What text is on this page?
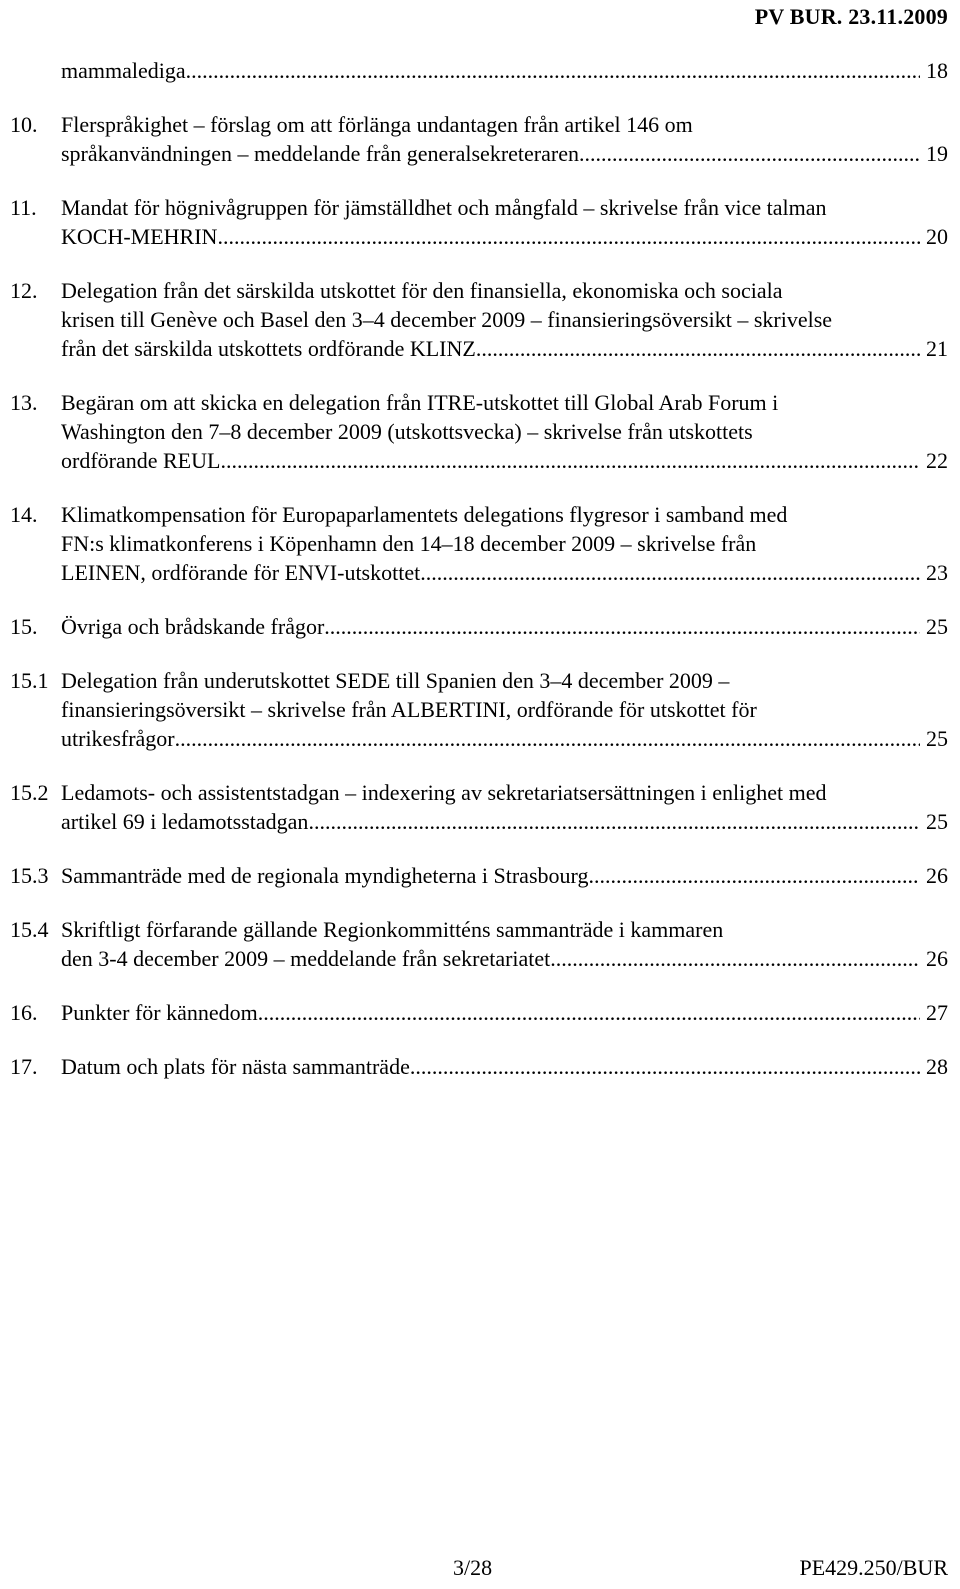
PV BUR. 23.11.2009
mammalediga .....	18
10.	Flerspråkighet – förslag om att förlänga undantagen från artikel 146 om
språkanvändningen – meddelande från generalsekreteraren .....	19
11.	Mandat för högnivågruppen för jämställdhet och mångfald – skrivelse från vice talman
KOCH-MEHRIN .....	20
12.	Delegation från det särskilda utskottet för den finansiella, ekonomiska och sociala
krisen till Genève och Basel den 3–4 december 2009 – finansieringsöversikt – skrivelse
från det särskilda utskottets ordförande KLINZ .....	21
13.	Begäran om att skicka en delegation från ITRE-utskottet till Global Arab Forum i
Washington den 7–8 december 2009 (utskottsvecka) – skrivelse från utskottets
ordförande REUL .....	22
14.	Klimatkompensation för Europaparlamentets delegations flygresor i samband med
FN:s klimatkonferens i Köpenhamn den 14–18 december 2009 – skrivelse från
LEINEN, ordförande för ENVI-utskottet .....	23
15.	Övriga och brådskande frågor .....	25
15.1 Delegation från underutskottet SEDE till Spanien den 3–4 december 2009 –
finansieringsöversikt – skrivelse från ALBERTINI, ordförande för utskottet för
utrikesfrågor .....	25
15.2 Ledamots- och assistentstadgan – indexering av sekretariatsersättningen i enlighet med
artikel 69 i ledamotsstadgan .....	25
15.3 Sammanträde med de regionala myndigheterna i Strasbourg .....	26
15.4 Skriftligt förfarande gällande Regionkommitténs sammanträde i kammaren
den 3-4 december 2009 – meddelande från sekretariatet .....	26
16.	Punkter för kännedom .....	27
17.	Datum och plats för nästa sammanträde .....	28
3/28	PE429.250/BUR
